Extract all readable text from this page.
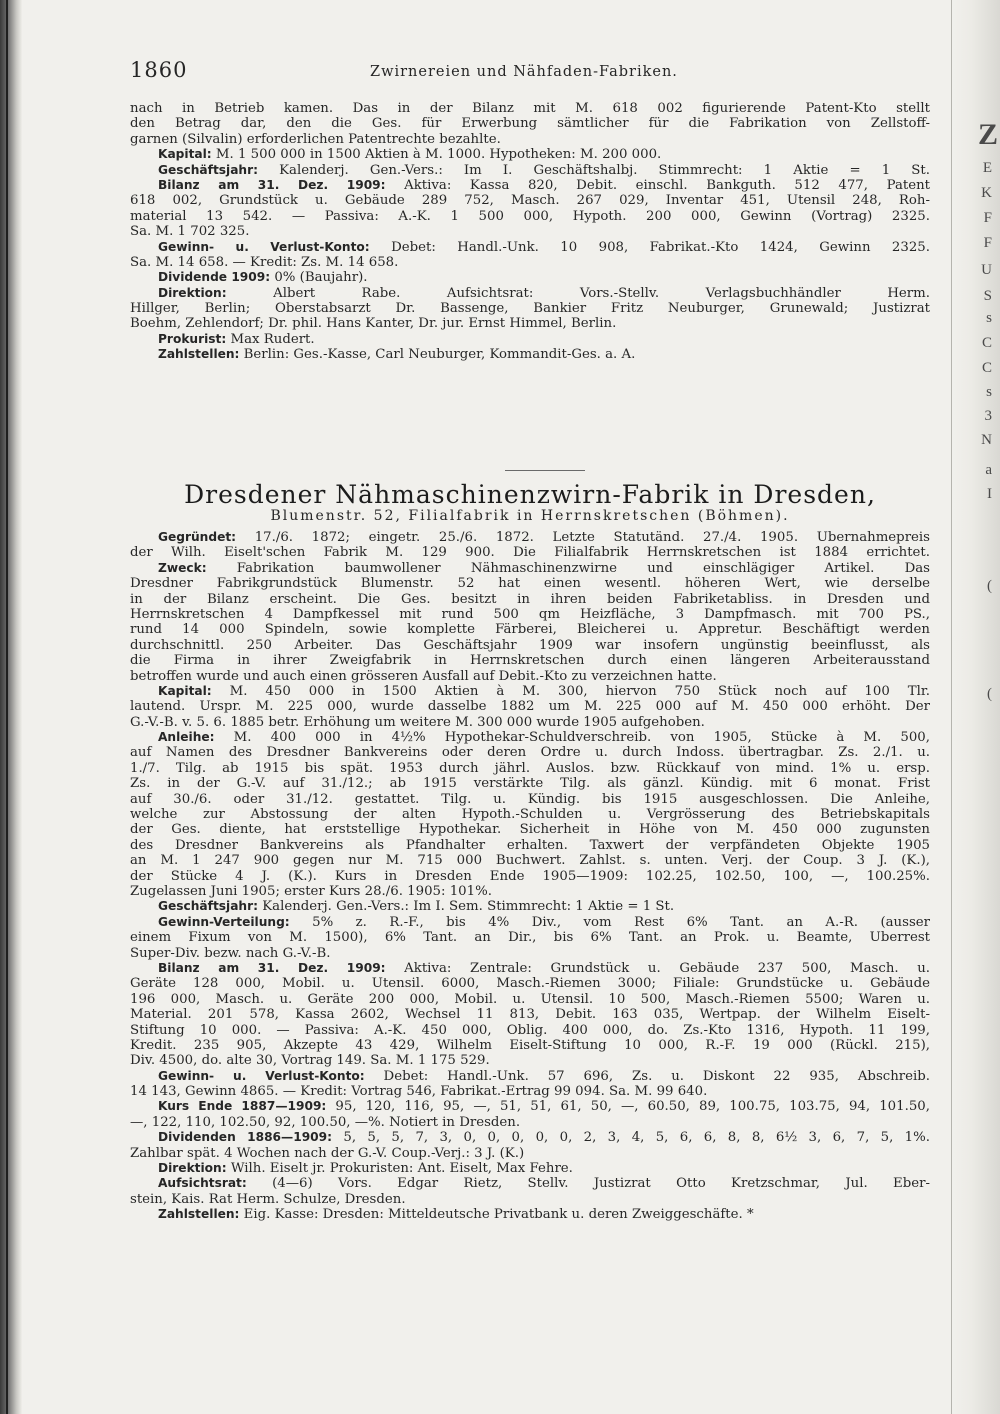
Z
E
K
F
F
U
S
s
C
C
s
3
N
a
I
(
(
1860	Zwirnereien und Nähfaden-Fabriken.
nach in Betrieb kamen. Das in der Bilanz mit M. 618 002 figurierende Patent-Kto stellt
den Betrag dar, den die Ges. für Erwerbung sämtlicher für die Fabrikation von Zellstoff-
garnen (Silvalin) erforderlichen Patentrechte bezahlte.
Kapital: M. 1 500 000 in 1500 Aktien à M. 1000. Hypotheken: M. 200 000.
Geschäftsjahr: Kalenderj. Gen.-Vers.: Im I. Geschäftshalbj. Stimmrecht: 1 Aktie = 1 St.
Bilanz am 31. Dez. 1909: Aktiva: Kassa 820, Debit. einschl. Bankguth. 512 477, Patent
618 002, Grundstück u. Gebäude 289 752, Masch. 267 029, Inventar 451, Utensil 248, Roh-
material 13 542. — Passiva: A.-K. 1 500 000, Hypoth. 200 000, Gewinn (Vortrag) 2325.
Sa. M. 1 702 325.
Gewinn- u. Verlust-Konto: Debet: Handl.-Unk. 10 908, Fabrikat.-Kto 1424, Gewinn 2325.
Sa. M. 14 658. — Kredit: Zs. M. 14 658.
Dividende 1909: 0% (Baujahr).
Direktion: Albert Rabe. Aufsichtsrat: Vors.-Stellv. Verlagsbuchhändler Herm.
Hillger, Berlin; Oberstabsarzt Dr. Bassenge, Bankier Fritz Neuburger, Grunewald; Justizrat
Boehm, Zehlendorf; Dr. phil. Hans Kanter, Dr. jur. Ernst Himmel, Berlin.
Prokurist: Max Rudert.
Zahlstellen: Berlin: Ges.-Kasse, Carl Neuburger, Kommandit-Ges. a. A.
Dresdener Nähmaschinenzwirn-Fabrik in Dresden,
Blumenstr. 52, Filialfabrik in Herrnskretschen (Böhmen).
Gegründet: 17./6. 1872; eingetr. 25./6. 1872. Letzte Statutänd. 27./4. 1905. Übernahmepreis
der Wilh. Eiselt'schen Fabrik M. 129 900. Die Filialfabrik Herrnskretschen ist 1884 errichtet.
Zweck: Fabrikation baumwollener Nähmaschinenzwirne und einschlägiger Artikel. Das
Dresdner Fabrikgrundstück Blumenstr. 52 hat einen wesentl. höheren Wert, wie derselbe
in der Bilanz erscheint. Die Ges. besitzt in ihren beiden Fabriketabliss. in Dresden und
Herrnskretschen 4 Dampfkessel mit rund 500 qm Heizfläche, 3 Dampfmasch. mit 700 PS.,
rund 14 000 Spindeln, sowie komplette Färberei, Bleicherei u. Appretur. Beschäftigt werden
durchschnittl. 250 Arbeiter. Das Geschäftsjahr 1909 war insofern ungünstig beeinflusst, als
die Firma in ihrer Zweigfabrik in Herrnskretschen durch einen längeren Arbeiterausstand
betroffen wurde und auch einen grösseren Ausfall auf Debit.-Kto zu verzeichnen hatte.
Kapital: M. 450 000 in 1500 Aktien à M. 300, hiervon 750 Stück noch auf 100 Tlr.
lautend. Urspr. M. 225 000, wurde dasselbe 1882 um M. 225 000 auf M. 450 000 erhöht. Der
G.-V.-B. v. 5. 6. 1885 betr. Erhöhung um weitere M. 300 000 wurde 1905 aufgehoben.
Anleihe: M. 400 000 in 4½% Hypothekar-Schuldverschreib. von 1905, Stücke à M. 500,
auf Namen des Dresdner Bankvereins oder deren Ordre u. durch Indoss. übertragbar. Zs. 2./1. u.
1./7. Tilg. ab 1915 bis spät. 1953 durch jährl. Auslos. bzw. Rückkauf von mind. 1% u. ersp.
Zs. in der G.-V. auf 31./12.; ab 1915 verstärkte Tilg. als gänzl. Kündig. mit 6 monat. Frist
auf 30./6. oder 31./12. gestattet. Tilg. u. Kündig. bis 1915 ausgeschlossen. Die Anleihe,
welche zur Abstossung der alten Hypoth.-Schulden u. Vergrösserung des Betriebskapitals
der Ges. diente, hat erststellige Hypothekar. Sicherheit in Höhe von M. 450 000 zugunsten
des Dresdner Bankvereins als Pfandhalter erhalten. Taxwert der verpfändeten Objekte 1905
an M. 1 247 900 gegen nur M. 715 000 Buchwert. Zahlst. s. unten. Verj. der Coup. 3 J. (K.),
der Stücke 4 J. (K.). Kurs in Dresden Ende 1905—1909: 102.25, 102.50, 100, —, 100.25%.
Zugelassen Juni 1905; erster Kurs 28./6. 1905: 101%.
Geschäftsjahr: Kalenderj. Gen.-Vers.: Im I. Sem. Stimmrecht: 1 Aktie = 1 St.
Gewinn-Verteilung: 5% z. R.-F., bis 4% Div., vom Rest 6% Tant. an A.-R. (ausser
einem Fixum von M. 1500), 6% Tant. an Dir., bis 6% Tant. an Prok. u. Beamte, Überrest
Super-Div. bezw. nach G.-V.-B.
Bilanz am 31. Dez. 1909: Aktiva: Zentrale: Grundstück u. Gebäude 237 500, Masch. u.
Geräte 128 000, Mobil. u. Utensil. 6000, Masch.-Riemen 3000; Filiale: Grundstücke u. Gebäude
196 000, Masch. u. Geräte 200 000, Mobil. u. Utensil. 10 500, Masch.-Riemen 5500; Waren u.
Material. 201 578, Kassa 2602, Wechsel 11 813, Debit. 163 035, Wertpap. der Wilhelm Eiselt-
Stiftung 10 000. — Passiva: A.-K. 450 000, Oblig. 400 000, do. Zs.-Kto 1316, Hypoth. 11 199,
Kredit. 235 905, Akzepte 43 429, Wilhelm Eiselt-Stiftung 10 000, R.-F. 19 000 (Rückl. 215),
Div. 4500, do. alte 30, Vortrag 149. Sa. M. 1 175 529.
Gewinn- u. Verlust-Konto: Debet: Handl.-Unk. 57 696, Zs. u. Diskont 22 935, Abschreib.
14 143, Gewinn 4865. — Kredit: Vortrag 546, Fabrikat.-Ertrag 99 094. Sa. M. 99 640.
Kurs Ende 1887—1909: 95, 120, 116, 95, —, 51, 51, 61, 50, —, 60.50, 89, 100.75, 103.75, 94, 101.50,
—, 122, 110, 102.50, 92, 100.50, —%. Notiert in Dresden.
Dividenden 1886—1909: 5, 5, 5, 7, 3, 0, 0, 0, 0, 0, 2, 3, 4, 5, 6, 6, 8, 8, 6½ 3, 6, 7, 5, 1%.
Zahlbar spät. 4 Wochen nach der G.-V. Coup.-Verj.: 3 J. (K.)
Direktion: Wilh. Eiselt jr. Prokuristen: Ant. Eiselt, Max Fehre.
Aufsichtsrat: (4—6) Vors. Edgar Rietz, Stellv. Justizrat Otto Kretzschmar, Jul. Eber-
stein, Kais. Rat Herm. Schulze, Dresden.
Zahlstellen: Eig. Kasse: Dresden: Mitteldeutsche Privatbank u. deren Zweiggeschäfte. *
